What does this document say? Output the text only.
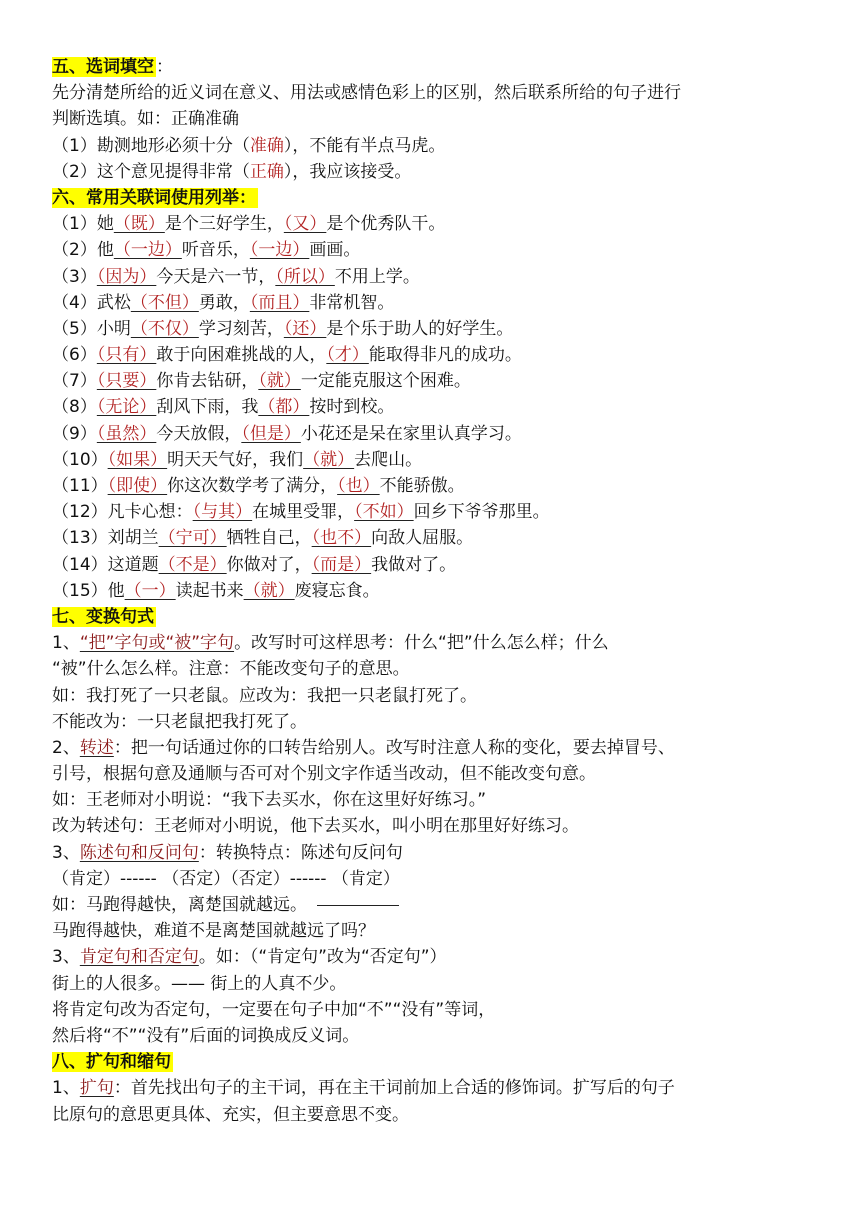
五、选词填空 ：
先分清楚所给的近义词在意义、用法或感情色彩上的区别，然后联系所给的句子进行
判断选填。如：正确准确
（1）勘测地形必须十分（准确），不能有半点马虎。
（2）这个意见提得非常（正确），我应该接受。
六、常用关联词使用列举：
（1）她（既）是个三好学生，（又）是个优秀队干。
（2）他（一边）听音乐，（一边）画画。
（3）（因为）今天是六一节，（所以）不用上学。
（4）武松（不但）勇敢，（而且）非常机智。
（5）小明（不仅）学习刻苦，（还）是个乐于助人的好学生。
（6）（只有）敢于向困难挑战的人，（才）能取得非凡的成功。
（7）（只要）你肯去钻研，（就）一定能克服这个困难。
（8）（无论）刮风下雨，我（都）按时到校。
（9）（虽然）今天放假，（但是）小花还是呆在家里认真学习。
（10）（如果）明天天气好，我们（就）去爬山。
（11）（即使）你这次数学考了满分，（也）不能骄傲。
（12）凡卡心想：（与其）在城里受罪，（不如）回乡下爷爷那里。
（13）刘胡兰（宁可）牺牲自己，（也不）向敌人屈服。
（14）这道题（不是）你做对了，（而是）我做对了。
（15）他（一）读起书来（就）废寝忘食。
七、变换句式
1、“把”字句或“被”字句。改写时可这样思考：什么“把”什么怎么样；什么
“被”什么怎么样。注意：不能改变句子的意思。
如：我打死了一只老鼠。应改为：我把一只老鼠打死了。
不能改为：一只老鼠把我打死了。
2、转述：把一句话通过你的口转告给别人。改写时注意人称的变化，要去掉冒号、
引号，根据句意及通顺与否可对个别文字作适当改动，但不能改变句意。
如：王老师对小明说：“我下去买水，你在这里好好练习。”
改为转述句：王老师对小明说，他下去买水，叫小明在那里好好练习。
3、陈述句和反问句：转换特点：陈述句反问句
（肯定）------ （否定）（否定）------ （肯定）
如：马跑得越快，离楚国就越远。
马跑得越快，难道不是离楚国就越远了吗？
3、肯定句和否定句。如：（“肯定句”改为“否定句”）
街上的人很多。—— 街上的人真不少。
将肯定句改为否定句，一定要在句子中加“不”“没有”等词，
然后将“不”“没有”后面的词换成反义词。
八、扩句和缩句
1、扩句：首先找出句子的主干词，再在主干词前加上合适的修饰词。扩写后的句子
比原句的意思更具体、充实，但主要意思不变。
